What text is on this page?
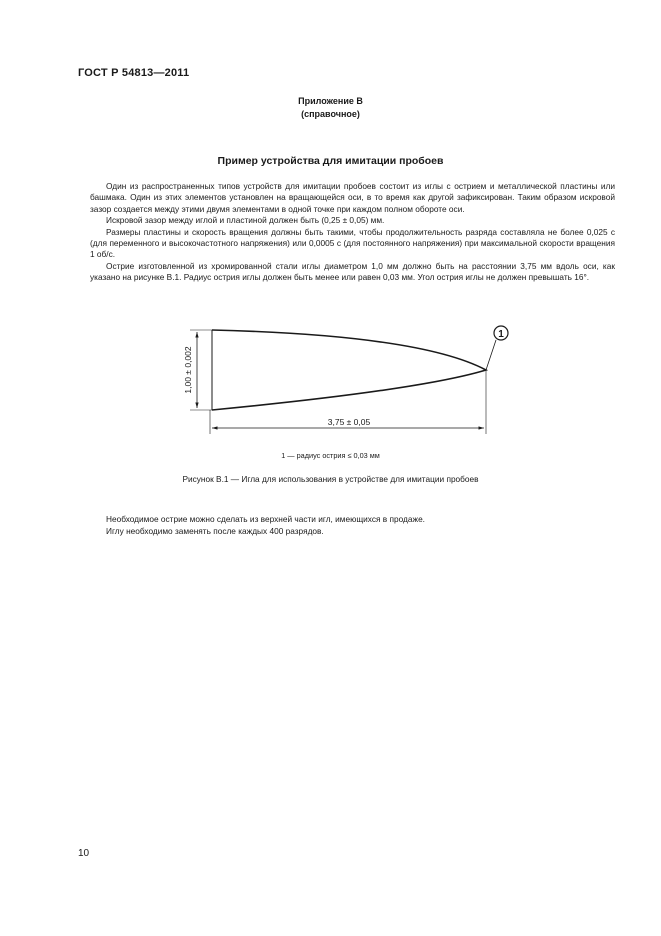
ГОСТ Р 54813—2011
Приложение В
(справочное)
Пример устройства для имитации пробоев

Один из распространенных типов устройств для имитации пробоев состоит из иглы с острием и металлической пластины или башмака. Один из этих элементов установлен на вращающейся оси, в то время как другой зафиксирован. Таким образом искровой зазор создается между этими двумя элементами в одной точке при каждом полном обороте оси.

Искровой зазор между иглой и пластиной должен быть (0,25 ± 0,05) мм.

Размеры пластины и скорость вращения должны быть такими, чтобы продолжительность разряда составляла не более 0,025 с (для переменного и высокочастотного напряжения) или 0,0005 с (для постоянного напряжения) при максимальной скорости вращения 1 об/с.

Острие изготовленной из хромированной стали иглы диаметром 1,0 мм должно быть на расстоянии 3,75 мм вдоль оси, как указано на рисунке В.1. Радиус острия иглы должен быть менее или равен 0,03 мм. Угол острия иглы не должен превышать 16°.

1,00 ± 0,002
3,75 ± 0,05
1
1 — радиус острия ≤ 0,03 мм
Рисунок В.1 — Игла для использования в устройстве для имитации пробоев
Необходимое острие можно сделать из верхней части игл, имеющихся в продаже.
Иглу необходимо заменять после каждых 400 разрядов.
10
